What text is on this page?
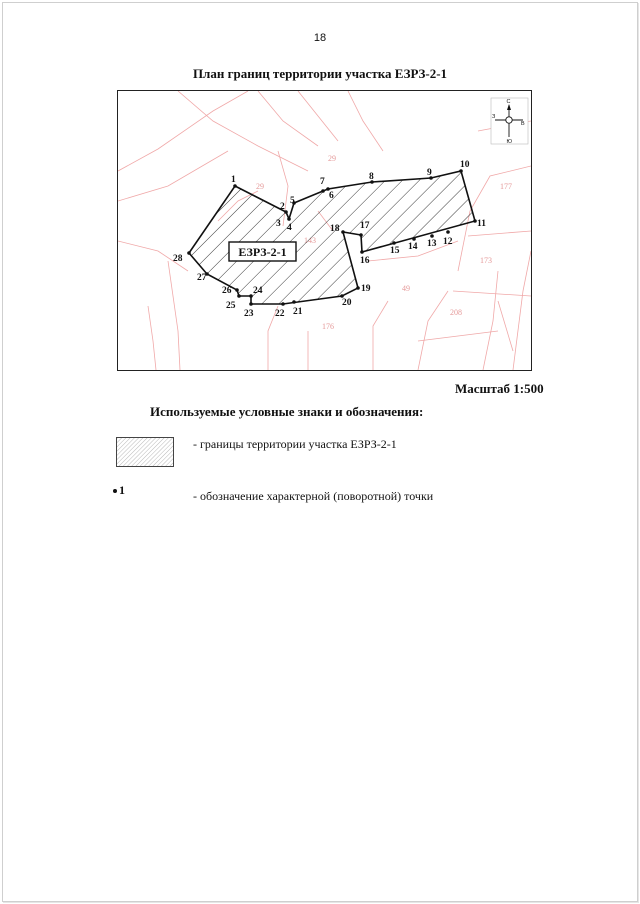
18
План границ территории участка ЕЗРЗ-2-1
29
29	177
173
49
208
176
ЕЗРЗ-2-1
1
2
3 4
5	6
7	8	9
10
11
12
13
14
15
16
17
18
19
20
21
22
23
24
25
26
27
28
С
З
В
Ю
Масштаб 1:500
Используемые условные знаки и обозначения:
- границы территории участка ЕЗРЗ-2-1
1	- обозначение характерной (поворотной) точки
